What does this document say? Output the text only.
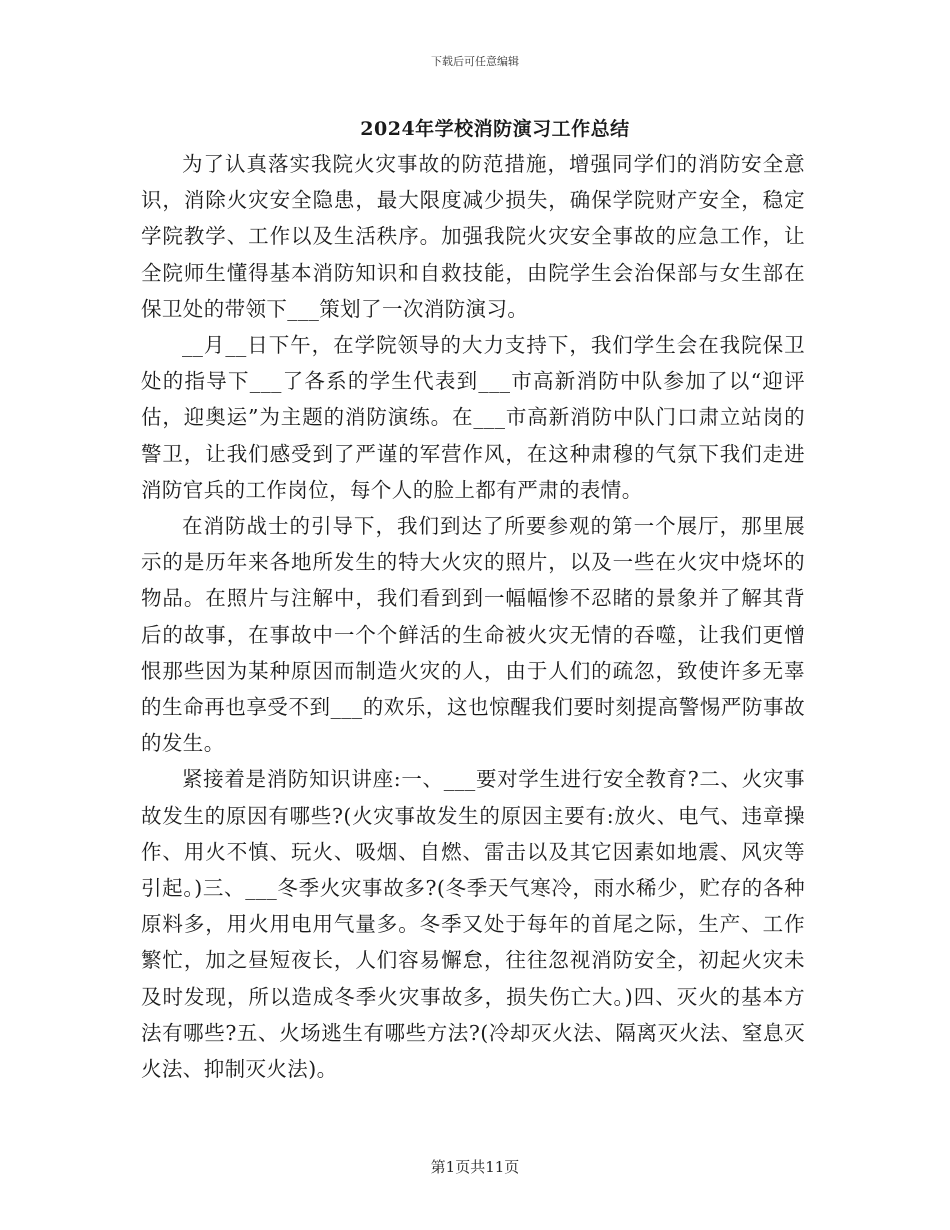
下载后可任意编辑
2024年学校消防演习工作总结

为了认真落实我院火灾事故的防范措施，增强同学们的消防安全意识，消除火灾安全隐患，最大限度减少损失，确保学院财产安全，稳定学院教学、工作以及生活秩序。加强我院火灾安全事故的应急工作，让全院师生懂得基本消防知识和自救技能，由院学生会治保部与女生部在保卫处的带领下___策划了一次消防演习。

__月__日下午，在学院领导的大力支持下，我们学生会在我院保卫处的指导下___了各系的学生代表到___市高新消防中队参加了以“迎评估，迎奥运”为主题的消防演练。在___市高新消防中队门口肃立站岗的警卫，让我们感受到了严谨的军营作风，在这种肃穆的气氛下我们走进消防官兵的工作岗位，每个人的脸上都有严肃的表情。

在消防战士的引导下，我们到达了所要参观的第一个展厅，那里展示的是历年来各地所发生的特大火灾的照片，以及一些在火灾中烧坏的物品。在照片与注解中，我们看到到一幅幅惨不忍睹的景象并了解其背后的故事，在事故中一个个鲜活的生命被火灾无情的吞噬，让我们更憎恨那些因为某种原因而制造火灾的人，由于人们的疏忽，致使许多无辜的生命再也享受不到___的欢乐，这也惊醒我们要时刻提高警惕严防事故的发生。

紧接着是消防知识讲座:一、___要对学生进行安全教育?二、火灾事故发生的原因有哪些?(火灾事故发生的原因主要有:放火、电气、违章操作、用火不慎、玩火、吸烟、自燃、雷击以及其它因素如地震、风灾等引起。)三、___冬季火灾事故多?(冬季天气寒冷，雨水稀少，贮存的各种原料多，用火用电用气量多。冬季又处于每年的首尾之际，生产、工作繁忙，加之昼短夜长，人们容易懈怠，往往忽视消防安全，初起火灾未及时发现，所以造成冬季火灾事故多，损失伤亡大。)四、灭火的基本方法有哪些?五、火场逃生有哪些方法?(冷却灭火法、隔离灭火法、窒息灭火法、抑制灭火法)。

第1页共11页
